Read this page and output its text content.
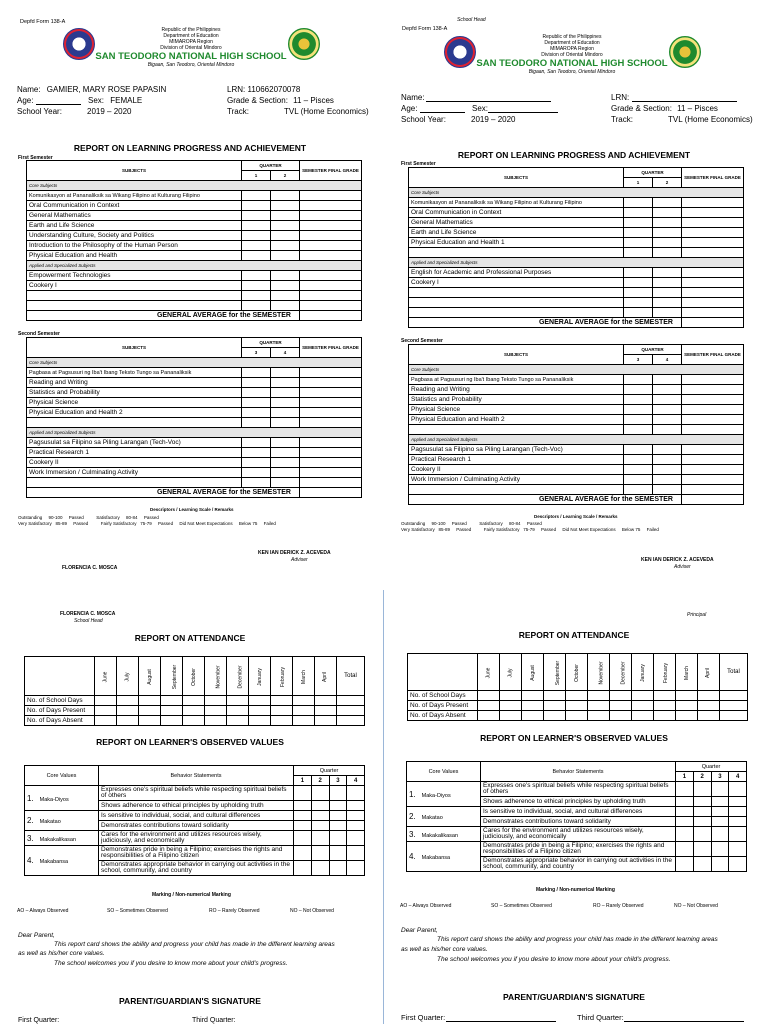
Depfd Form 138-A
Republic of the Philippines
Department of Education
MIMAROPA Region
Division of Oriental Mindoro
SAN TEODORO NATIONAL HIGH SCHOOL
Bigaan, San Teodoro, Oriental Mindoro
Name: GAMIER, MARY ROSE PAPASIN	LRN: 110662070078
Age:	Sex: FEMALE	Grade & Section: 11 – Pisces
School Year:	2019 – 2020	Track:	TVL (Home Economics)
REPORT ON LEARNING PROGRESS AND ACHIEVEMENT
First Semester
SUBJECTS	QUARTER		SEMESTER FINAL GRADE
	1	2	
Core Subjects			
Komunikasyon at Pananaliksik sa Wikang Filipino at Kulturang Filipino			
Oral Communication in Context			
General Mathematics			
Earth and Life Science			
Understanding Culture, Society and Politics			
Introduction to the Philosophy of the Human Person			
Physical Education and Health			
Applied and Specialized Subjects			
Empowerment Technologies			
Cookery I			

GENERAL AVERAGE for the SEMESTER			
Second Semester
SUBJECTS	QUARTER		SEMESTER FINAL GRADE
	3	4	
Core Subjects			
Pagbasa at Pagsusuri ng Iba't Ibang Teksto Tungo sa Pananaliksik			
Reading and Writing			
Statistics and Probability			
Physical Science			
Physical Education and Health 2			

Applied and Specialized Subjects			
Pagsusulat sa Filipino sa Piling Larangan (Tech-Voc)			
Practical Research 1			
Cookery II			
Work Immersion / Culminating Activity			

GENERAL AVERAGE for the SEMESTER			
Descriptors / Learning Scale / Remarks
Outstanding     90-100     Passed          Satisfactory     80-84     Passed
Very Satisfactory   85-89     Passed          Fairly Satisfactory   75-79     Passed     Did Not Meet Expectations     Below 75     Failed
KEN IAN DERICK Z. ACEVEDA
Adviser
FLORENCIA C. MOSCA
FLORENCIA C. MOSCA
School Head
REPORT ON ATTENDANCE
	June	July	August	September	October	November	December	January	February	March	April	Total
No. of School Days												
No. of Days Present												
No. of Days Absent												
REPORT ON LEARNER'S OBSERVED VALUES
Core Values	Behavior Statements	Quarter			
		1	2	3	4
1. Maka-Diyos	Expresses one's spiritual beliefs while respecting spiritual beliefs of others				
	Shows adherence to ethical principles by upholding truth				
2. Makatao	Is sensitive to individual, social, and cultural differences				
	Demonstrates contributions toward solidarity				
3. Makakalikasan	Cares for the environment and utilizes resources wisely, judiciously, and economically				
4. Makabansa	Demonstrates pride in being a Filipino; exercises the rights and responsibilities of a Filipino citizen				
	Demonstrates appropriate behavior in carrying out activities in the school, community, and country				
Marking / Non-numerical Marking
AO – Always Observed	SO – Sometimes Observed	RO – Rarely Observed	NO – Not Observed
Dear Parent,
This report card shows the ability and progress your child has made in the different learning areas
as well as his/her core values.
The school welcomes you if you desire to know more about your child's progress.
PARENT/GUARDIAN'S SIGNATURE
First Quarter:	Third Quarter:
School Head
Depfd Form 138-A
Republic of the Philippines
Department of Education
MIMAROPA Region
Division of Oriental Mindoro
SAN TEODORO NATIONAL HIGH SCHOOL
Bigaan, San Teodoro, Oriental Mindoro
Name:	LRN:
Age:	Sex:	Grade & Section: 11 – Pisces
School Year:	2019 – 2020	Track:	TVL (Home Economics)
REPORT ON LEARNING PROGRESS AND ACHIEVEMENT
First Semester
SUBJECTS	QUARTER		SEMESTER FINAL GRADE
	1	2	
Core Subjects			
Komunikasyon at Pananaliksik sa Wikang Filipino at Kulturang Filipino			
Oral Communication in Context			
General Mathematics			
Earth and Life Science			
Physical Education and Health 1			

Applied and Specialized Subjects			
English for Academic and Professional Purposes			
Cookery I			

GENERAL AVERAGE for the SEMESTER			
Second Semester
SUBJECTS	QUARTER		SEMESTER FINAL GRADE
	3	4	
Core Subjects			
Pagbasa at Pagsusuri ng Iba't Ibang Teksto Tungo sa Pananaliksik			
Reading and Writing			
Statistics and Probability			
Physical Science			
Physical Education and Health 2			

Applied and Specialized Subjects			
Pagsusulat sa Filipino sa Piling Larangan (Tech-Voc)			
Practical Research 1			
Cookery II			
Work Immersion / Culminating Activity			

GENERAL AVERAGE for the SEMESTER			
Descriptors / Learning Scale / Remarks
Outstanding     90-100     Passed          Satisfactory     80-84     Passed
Very Satisfactory   85-89     Passed          Fairly Satisfactory   75-79     Passed     Did Not Meet Expectations     Below 75     Failed
KEN IAN DERICK Z. ACEVEDA
Adviser
Principal
REPORT ON ATTENDANCE
	June	July	August	September	October	November	December	January	February	March	April	Total
No. of School Days												
No. of Days Present												
No. of Days Absent												
REPORT ON LEARNER'S OBSERVED VALUES
Core Values	Behavior Statements	Quarter			
		1	2	3	4
1. Maka-Diyos	Expresses one's spiritual beliefs while respecting spiritual beliefs of others				
	Shows adherence to ethical principles by upholding truth				
2. Makatao	Is sensitive to individual, social, and cultural differences				
	Demonstrates contributions toward solidarity				
3. Makakalikasan	Cares for the environment and utilizes resources wisely, judiciously, and economically				
4. Makabansa	Demonstrates pride in being a Filipino; exercises the rights and responsibilities of a Filipino citizen				
	Demonstrates appropriate behavior in carrying out activities in the school, community, and country				
Marking / Non-numerical Marking
AO – Always Observed	SO – Sometimes Observed	RO – Rarely Observed	NO – Not Observed
Dear Parent,
This report card shows the ability and progress your child has made in the different learning areas
as well as his/her core values.
The school welcomes you if you desire to know more about your child's progress.
PARENT/GUARDIAN'S SIGNATURE
First Quarter:	Third Quarter:
